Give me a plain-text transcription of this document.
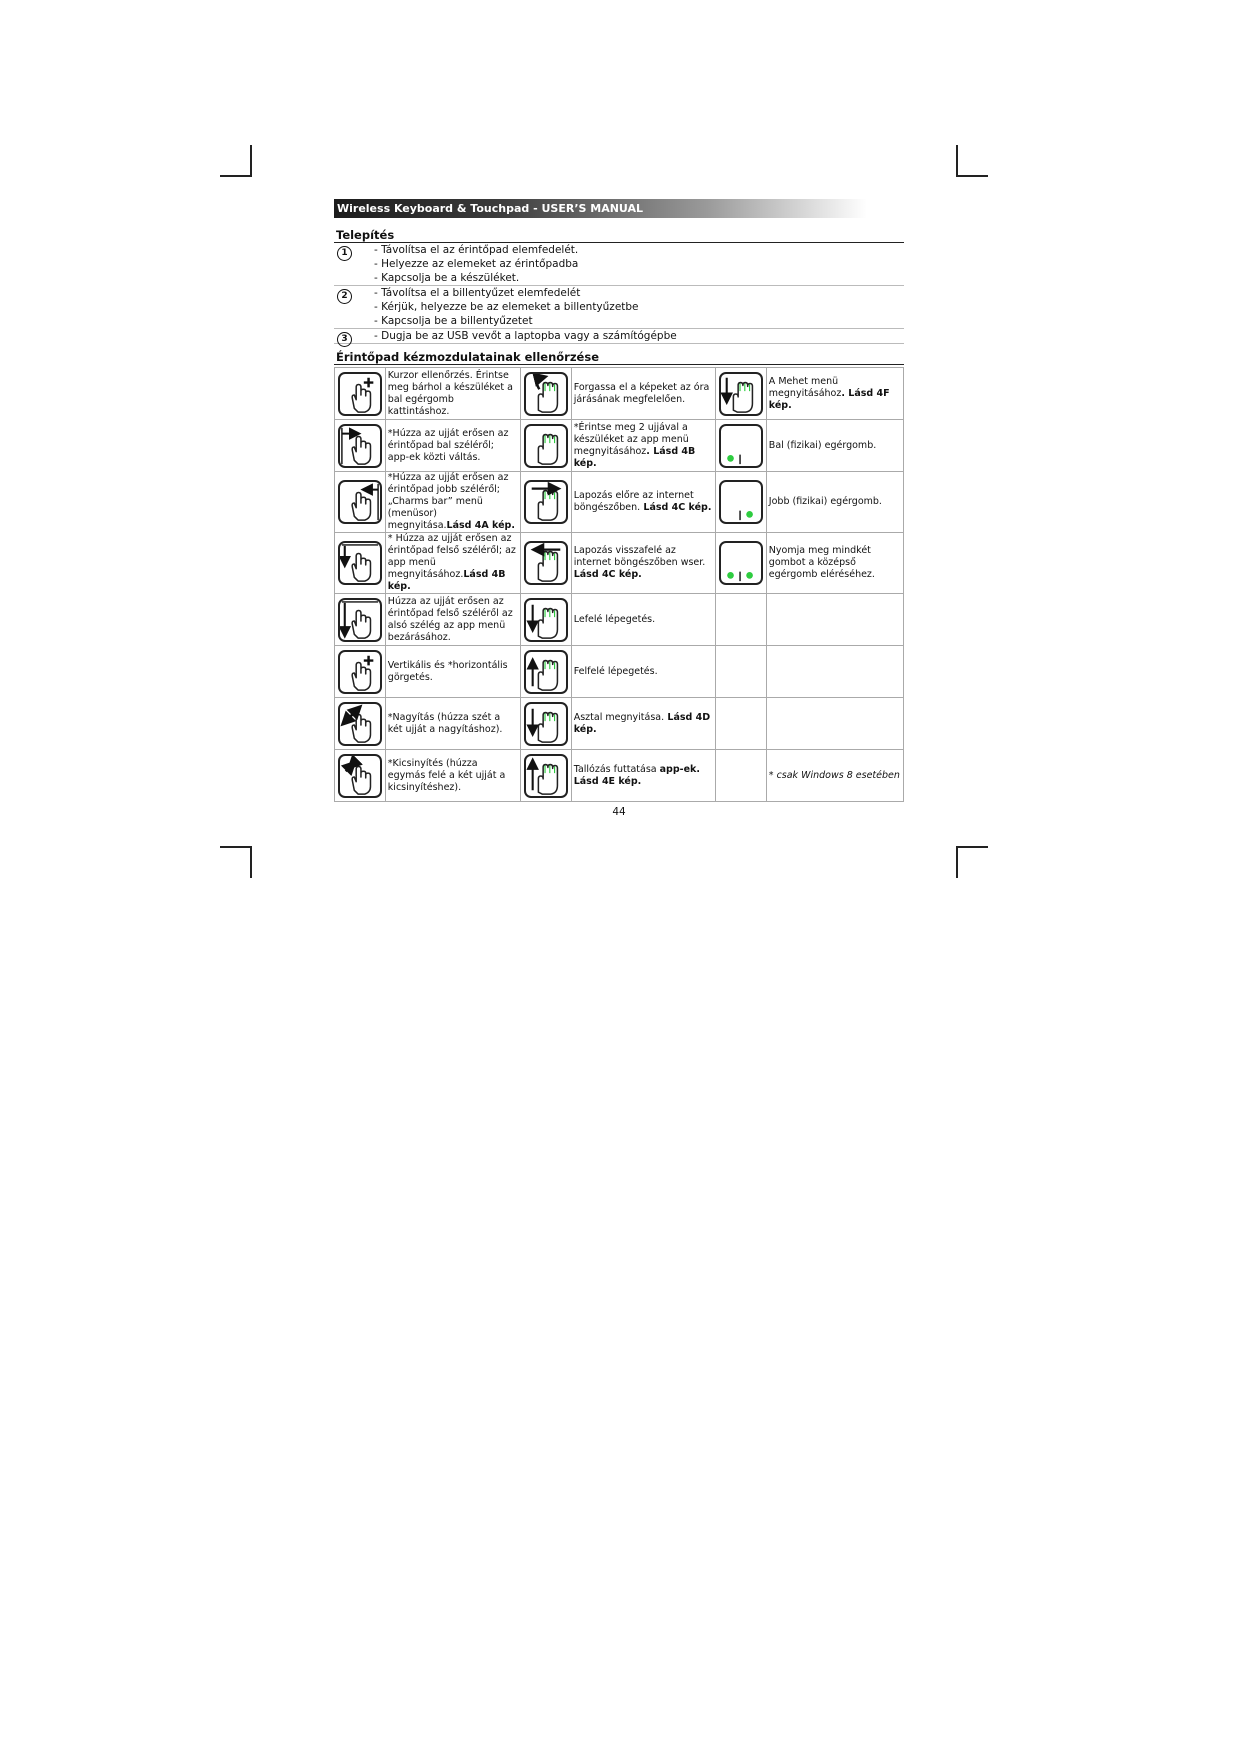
Wireless Keyboard & Touchpad - USER’S MANUAL
Telepítés
1	- Távolítsa el az érintőpad elemfedelét.
- Helyezze az elemeket az érintőpadba
- Kapcsolja be a készüléket.
2	- Távolítsa el a billentyűzet elemfedelét
- Kérjük, helyezze be az elemeket a billentyűzetbe
- Kapcsolja be a billentyűzetet
3	- Dugja be az USB vevőt a laptopba vagy a számítógépbe
Érintőpad kézmozdulatainak ellenőrzése
	Kurzor ellenőrzés. Érintse meg bárhol a készüléket a bal egérgomb kattintáshoz.		Forgassa el a képeket az óra járásának megfelelően.		A Mehet menü megnyitásához. Lásd 4F kép.

	*Húzza az ujját erősen az érintőpad bal széléről; app-ek közti váltás.		*Érintse meg 2 ujjával a készüléket az app menü megnyitásához. Lásd 4B kép.		Bal (fizikai) egérgomb.

	*Húzza az ujját erősen az érintőpad jobb széléről; „Charms bar” menü (menüsor) megnyitása.Lásd 4A kép.		Lapozás előre az internet böngészőben. Lásd 4C kép.		Jobb (fizikai) egérgomb.

	* Húzza az ujját erősen az érintőpad felső széléről; az app menü megnyitásához.Lásd 4B kép.		Lapozás visszafelé az internet böngészőben wser. Lásd 4C kép.		Nyomja meg mindkét gombot a középső egérgomb eléréséhez.

	Húzza az ujját erősen az érintőpad felső széléről az alsó szélég az app menü bezárásához.		Lefelé lépegetés.		

	Vertikális és *horizontális görgetés.		Felfelé lépegetés.		

	*Nagyítás (húzza szét a két ujját a nagyításhoz).		Asztal megnyitása. Lásd 4D kép.		

	*Kicsinyítés (húzza egymás felé a két ujját a kicsinyítéshez).		Tallózás futtatása app-ek. Lásd 4E kép.		* csak Windows 8 esetében
44
